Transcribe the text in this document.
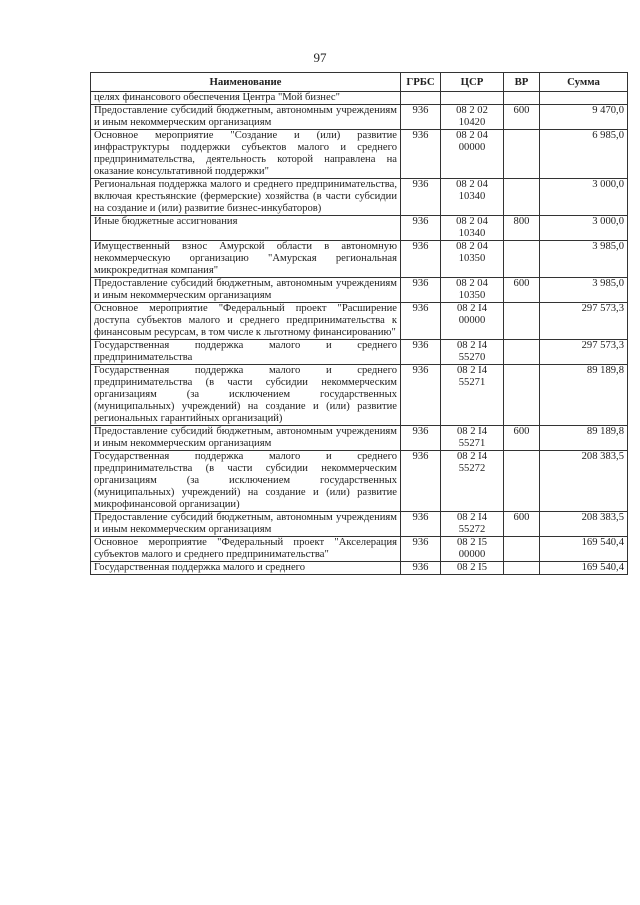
97
Наименование	ГРБС	ЦСР	ВР	Сумма
целях финансового обеспечения Центра "Мой бизнес"				
Предоставление субсидий бюджетным, автономным учреждениям и иным некоммерческим организациям	936	08 2 02 10420	600	9 470,0
Основное мероприятие "Создание и (или) развитие инфраструктуры поддержки субъектов малого и среднего предпринимательства, деятельность которой направлена на оказание консультативной поддержки"	936	08 2 04 00000		6 985,0
Региональная поддержка малого и среднего предпринимательства, включая крестьянские (фермерские) хозяйства (в части субсидии на создание и (или) развитие бизнес-инкубаторов)	936	08 2 04 10340		3 000,0
Иные бюджетные ассигнования	936	08 2 04 10340	800	3 000,0
Имущественный взнос Амурской области в автономную некоммерческую организацию "Амурская региональная микрокредитная компания"	936	08 2 04 10350		3 985,0
Предоставление субсидий бюджетным, автономным учреждениям и иным некоммерческим организациям	936	08 2 04 10350	600	3 985,0
Основное мероприятие "Федеральный проект "Расширение доступа субъектов малого и среднего предпринимательства к финансовым ресурсам, в том числе к льготному финансированию"	936	08 2 I4 00000		297 573,3
Государственная поддержка малого и среднего предпринимательства	936	08 2 I4 55270		297 573,3
Государственная поддержка малого и среднего предпринимательства (в части субсидии некоммерческим организациям (за исключением государственных (муниципальных) учреждений) на создание и (или) развитие региональных гарантийных организаций)	936	08 2 I4 55271		89 189,8
Предоставление субсидий бюджетным, автономным учреждениям и иным некоммерческим организациям	936	08 2 I4 55271	600	89 189,8
Государственная поддержка малого и среднего предпринимательства (в части субсидии некоммерческим организациям (за исключением государственных (муниципальных) учреждений) на создание и (или) развитие микрофинансовой организации)	936	08 2 I4 55272		208 383,5
Предоставление субсидий бюджетным, автономным учреждениям и иным некоммерческим организациям	936	08 2 I4 55272	600	208 383,5
Основное мероприятие "Федеральный проект "Акселерация субъектов малого и среднего предпринимательства"	936	08 2 I5 00000		169 540,4
Государственная поддержка малого и среднего	936	08 2 I5		169 540,4
